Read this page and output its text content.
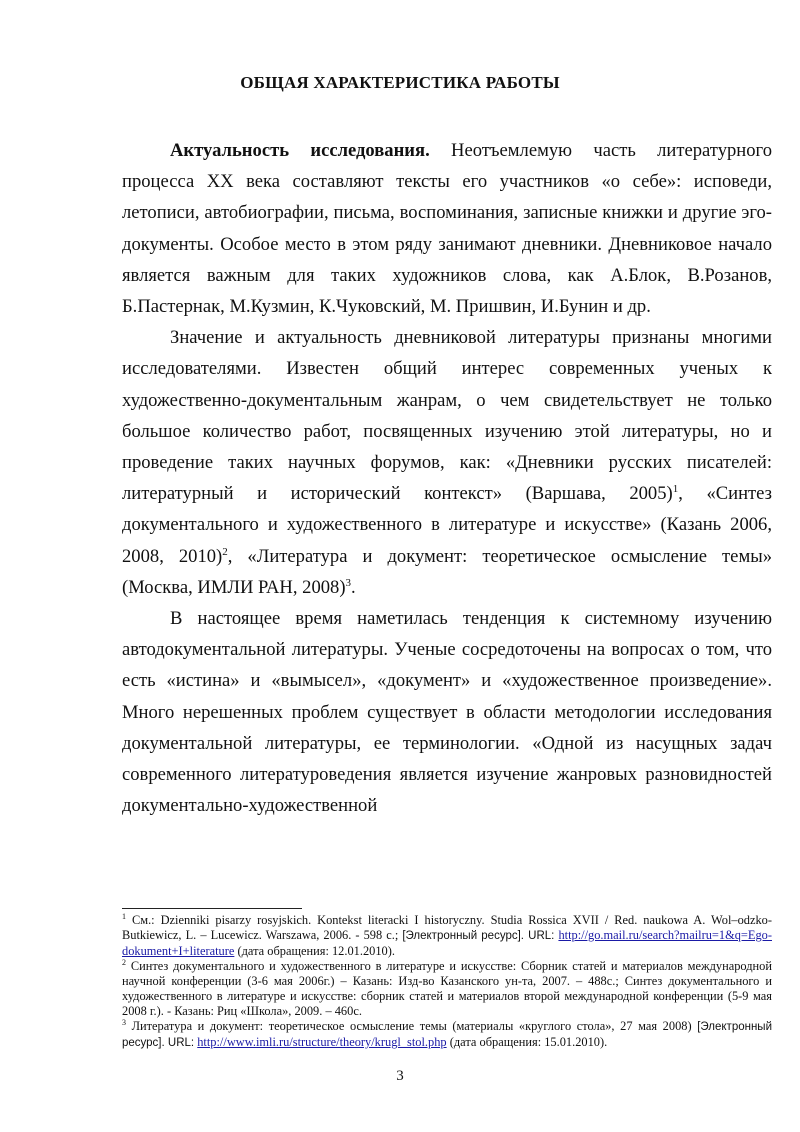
ОБЩАЯ ХАРАКТЕРИСТИКА РАБОТЫ

Актуальность исследования. Неотъемлемую часть литературного процесса XX века составляют тексты его участников «о себе»: исповеди, летописи, автобиографии, письма, воспоминания, записные книжки и другие эго-документы. Особое место в этом ряду занимают дневники. Дневниковое начало является важным для таких художников слова, как А.Блок, В.Розанов, Б.Пастернак, М.Кузмин, К.Чуковский, М. Пришвин, И.Бунин и др.

Значение и актуальность дневниковой литературы признаны многими исследователями. Известен общий интерес современных ученых к художественно-документальным жанрам, о чем свидетельствует не только большое количество работ, посвященных изучению этой литературы, но и проведение таких научных форумов, как: «Дневники русских писателей: литературный и исторический контекст» (Варшава, 2005)$^1$, «Синтез документального и художественного в литературе и искусстве» (Казань 2006, 2008, 2010)$^2$, «Литература и документ: теоретическое осмысление темы» (Москва, ИМЛИ РАН, 2008)$^3$.

В настоящее время наметилась тенденция к системному изучению автодокументальной литературы. Ученые сосредоточены на вопросах о том, что есть «истина» и «вымысел», «документ» и «художественное произведение». Много нерешенных проблем существует в области методологии исследования документальной литературы, ее терминологии. «Одной из насущных задач современного литературоведения является изучение жанровых разновидностей документально-художественной

$^1$ См.: Dzienniki pisarzy rosyjskich. Kontekst literacki I historyczny. Studia Rossica XVII / Red. naukowa A. Wol–odzko-Butkiewicz, L. – Lucewicz. Warszawa, 2006. - 598 с.; [Электронный ресурс]. URL: http://go.mail.ru/search?mailru=1&q=Ego-dokument+I+literature (дата обращения: 12.01.2010).

$^2$ Синтез документального и художественного в литературе и искусстве: Сборник статей и материалов международной научной конференции (3-6 мая 2006г.) – Казань: Изд-во Казанского ун-та, 2007. – 488с.; Синтез документального и художественного в литературе и искусстве: сборник статей и материалов второй международной конференции (5-9 мая 2008 г.). - Казань: Риц «Школа», 2009. – 460с.

$^3$ Литература и документ: теоретическое осмысление темы (материалы «круглого стола», 27 мая 2008) [Электронный ресурс]. URL: http://www.imli.ru/structure/theory/krugl_stol.php (дата обращения: 15.01.2010).

3
